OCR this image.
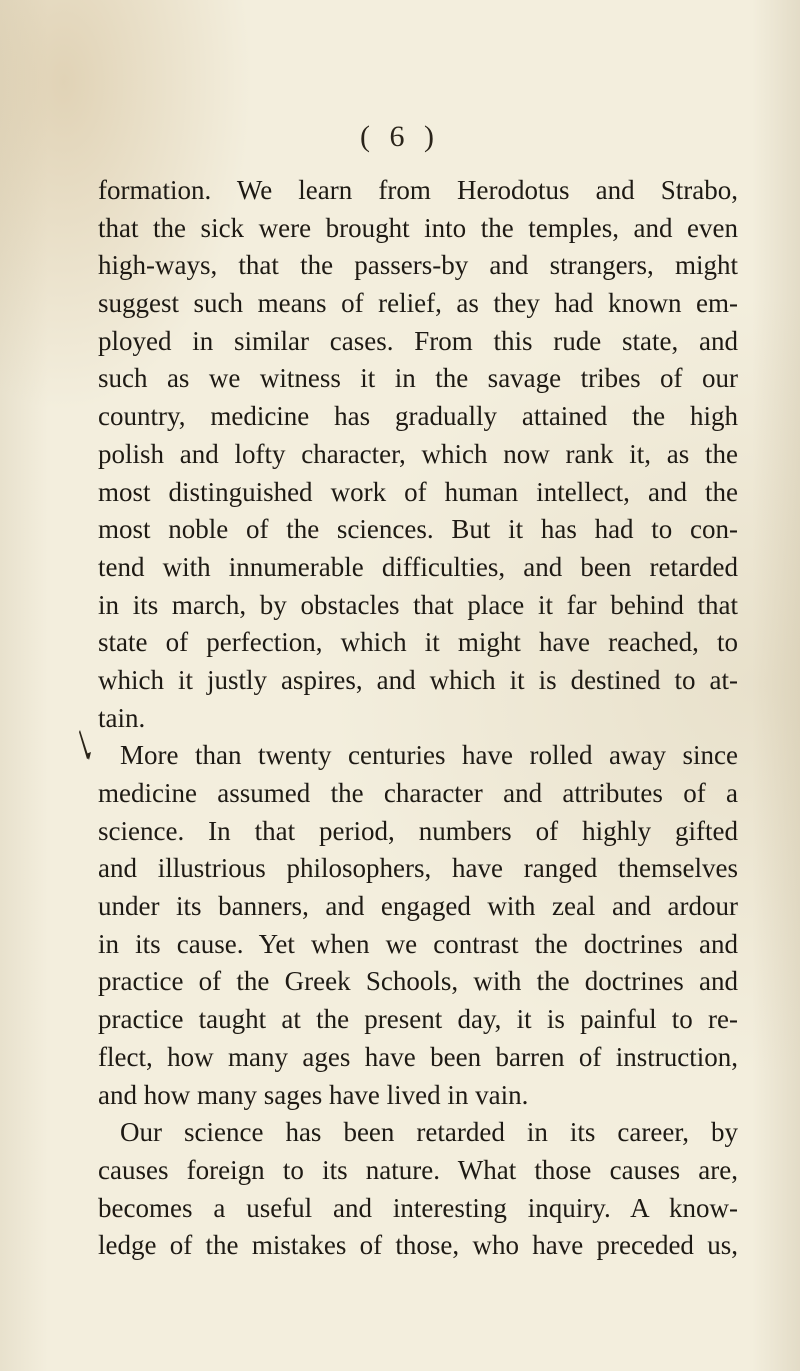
( 6 )
formation. We learn from Herodotus and Strabo,
that the sick were brought into the temples, and even
high-ways, that the passers-by and strangers, might
suggest such means of relief, as they had known em-
ployed in similar cases. From this rude state, and
such as we witness it in the savage tribes of our
country, medicine has gradually attained the high
polish and lofty character, which now rank it, as the
most distinguished work of human intellect, and the
most noble of the sciences. But it has had to con-
tend with innumerable difficulties, and been retarded
in its march, by obstacles that place it far behind that
state of perfection, which it might have reached, to
which it justly aspires, and which it is destined to at-
tain.
More than twenty centuries have rolled away since
medicine assumed the character and attributes of a
science. In that period, numbers of highly gifted
and illustrious philosophers, have ranged themselves
under its banners, and engaged with zeal and ardour
in its cause. Yet when we contrast the doctrines and
practice of the Greek Schools, with the doctrines and
practice taught at the present day, it is painful to re-
flect, how many ages have been barren of instruction,
and how many sages have lived in vain.
Our science has been retarded in its career, by
causes foreign to its nature. What those causes are,
becomes a useful and interesting inquiry. A know-
ledge of the mistakes of those, who have preceded us,
